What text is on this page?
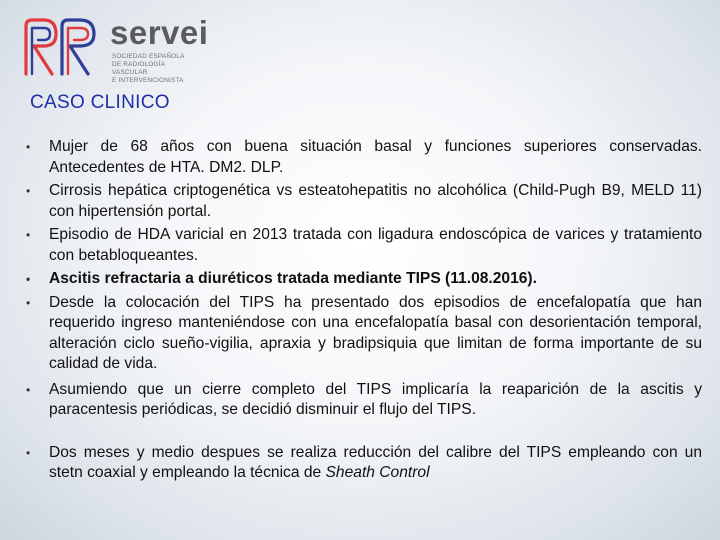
servei
SOCIEDAD ESPAÑOLA
DE RADIOLOGÍA
VASCULAR
E INTERVENCIONISTA
CASO CLINICO
• Mujer de 68 años con buena situación basal y funciones superiores conservadas. Antecedentes de HTA. DM2. DLP.
• Cirrosis hepática criptogenética vs esteatohepatitis no alcohólica (Child-Pugh B9, MELD 11) con hipertensión portal.
• Episodio de HDA varicial en 2013 tratada con ligadura endoscópica de varices y tratamiento con betabloqueantes.
• Ascitis refractaria a diuréticos tratada mediante TIPS (11.08.2016).
• Desde la colocación del TIPS ha presentado dos episodios de encefalopatía que han requerido ingreso manteniéndose con una encefalopatía basal con desorientación temporal, alteración ciclo sueño-vigilia, apraxia y bradipsiquia que limitan de forma importante de su calidad de vida.
• Asumiendo que un cierre completo del TIPS implicaría la reaparición de la ascitis y paracentesis periódicas, se decidió disminuir el flujo del TIPS.
• Dos meses y medio despues se realiza reducción del calibre del TIPS empleando con un stetn coaxial y empleando la técnica de Sheath Control
